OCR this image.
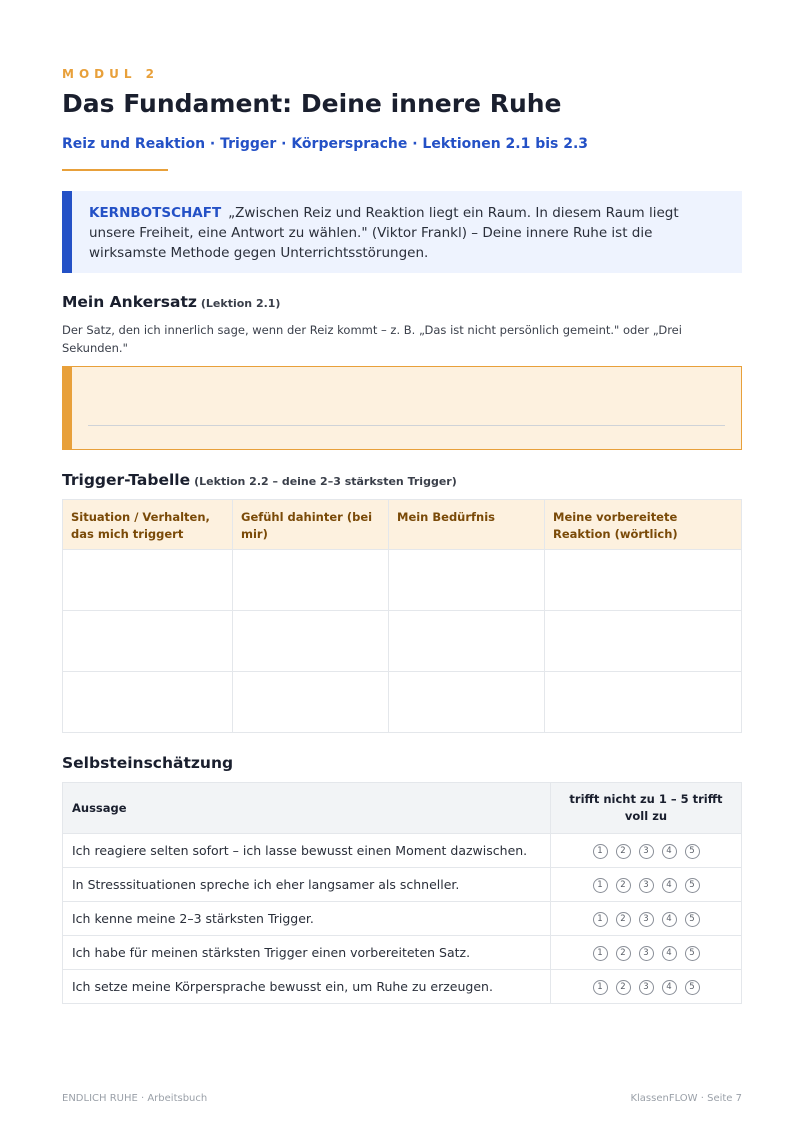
MODUL 2
Das Fundament: Deine innere Ruhe
Reiz und Reaktion · Trigger · Körpersprache · Lektionen 2.1 bis 2.3
KERNBOTSCHAFT „Zwischen Reiz und Reaktion liegt ein Raum. In diesem Raum liegt unsere Freiheit, eine Antwort zu wählen." (Viktor Frankl) – Deine innere Ruhe ist die wirksamste Methode gegen Unterrichtsstörungen.
Mein Ankersatz (Lektion 2.1)
Der Satz, den ich innerlich sage, wenn der Reiz kommt – z. B. „Das ist nicht persönlich gemeint." oder „Drei Sekunden."
Trigger-Tabelle (Lektion 2.2 – deine 2–3 stärksten Trigger)
Situation / Verhalten, das mich triggert	Gefühl dahinter (bei mir)	Mein Bedürfnis	Meine vorbereitete Reaktion (wörtlich)

Selbsteinschätzung
Aussage	trifft nicht zu 1 – 5 trifft voll zu
Ich reagiere selten sofort – ich lasse bewusst einen Moment dazwischen.	1 2 3 4 5
In Stresssituationen spreche ich eher langsamer als schneller.	1 2 3 4 5
Ich kenne meine 2–3 stärksten Trigger.	1 2 3 4 5
Ich habe für meinen stärksten Trigger einen vorbereiteten Satz.	1 2 3 4 5
Ich setze meine Körpersprache bewusst ein, um Ruhe zu erzeugen.	1 2 3 4 5
ENDLICH RUHE · Arbeitsbuch	KlassenFLOW · Seite 7
